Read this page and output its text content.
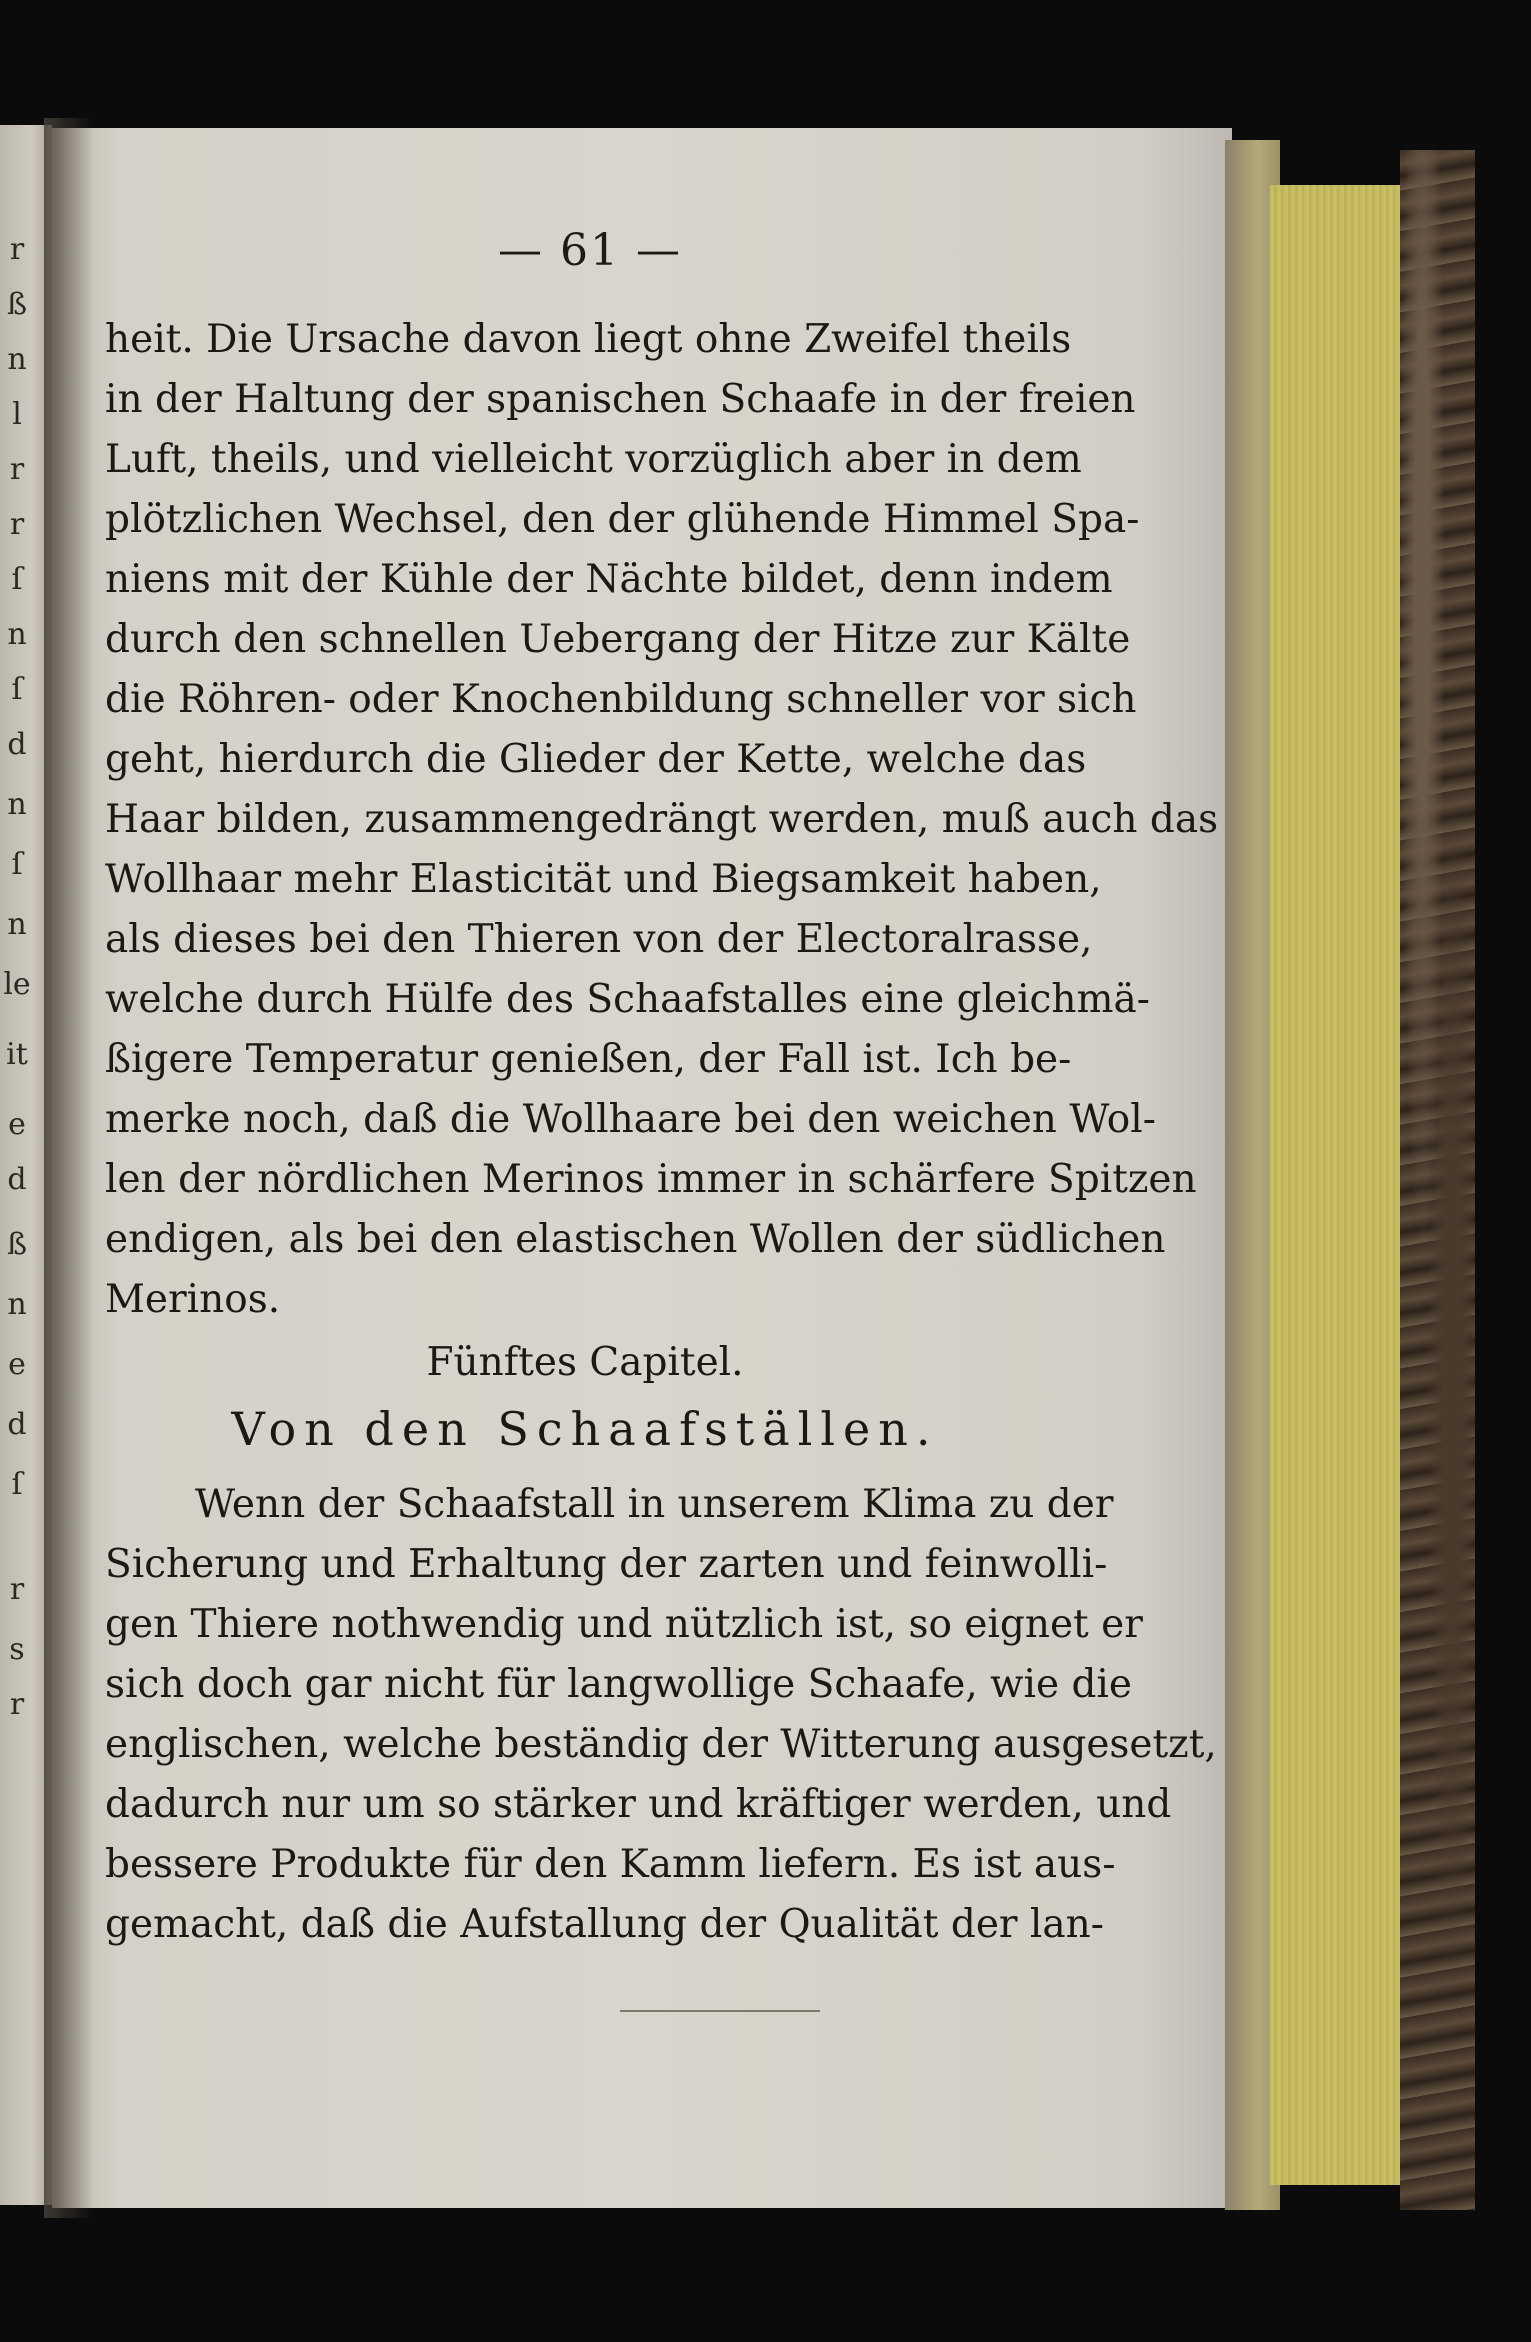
r
ß
n
l
r
r
ſ
n
ſ
d
n
ſ
n
le
it
e
d
ß
n
e
d
ſ
r
s
r
— 61 —
heit. Die Ursache davon liegt ohne Zweifel theils
in der Haltung der spanischen Schaafe in der freien
Luft, theils, und vielleicht vorzüglich aber in dem
plötzlichen Wechsel, den der glühende Himmel Spa-
niens mit der Kühle der Nächte bildet, denn indem
durch den schnellen Uebergang der Hitze zur Kälte
die Röhren- oder Knochenbildung schneller vor sich
geht, hierdurch die Glieder der Kette, welche das
Haar bilden, zusammengedrängt werden, muß auch das
Wollhaar mehr Elasticität und Biegsamkeit haben,
als dieses bei den Thieren von der Electoralrasse,
welche durch Hülfe des Schaafstalles eine gleichmä-
ßigere Temperatur genießen, der Fall ist. Ich be-
merke noch, daß die Wollhaare bei den weichen Wol-
len der nördlichen Merinos immer in schärfere Spitzen
endigen, als bei den elastischen Wollen der südlichen
Merinos.
Fünftes Capitel.
Von den Schaafställen.
Wenn der Schaafstall in unserem Klima zu der
Sicherung und Erhaltung der zarten und feinwolli-
gen Thiere nothwendig und nützlich ist, so eignet er
sich doch gar nicht für langwollige Schaafe, wie die
englischen, welche beständig der Witterung ausgesetzt,
dadurch nur um so stärker und kräftiger werden, und
bessere Produkte für den Kamm liefern. Es ist aus-
gemacht, daß die Aufstallung der Qualität der lan-
